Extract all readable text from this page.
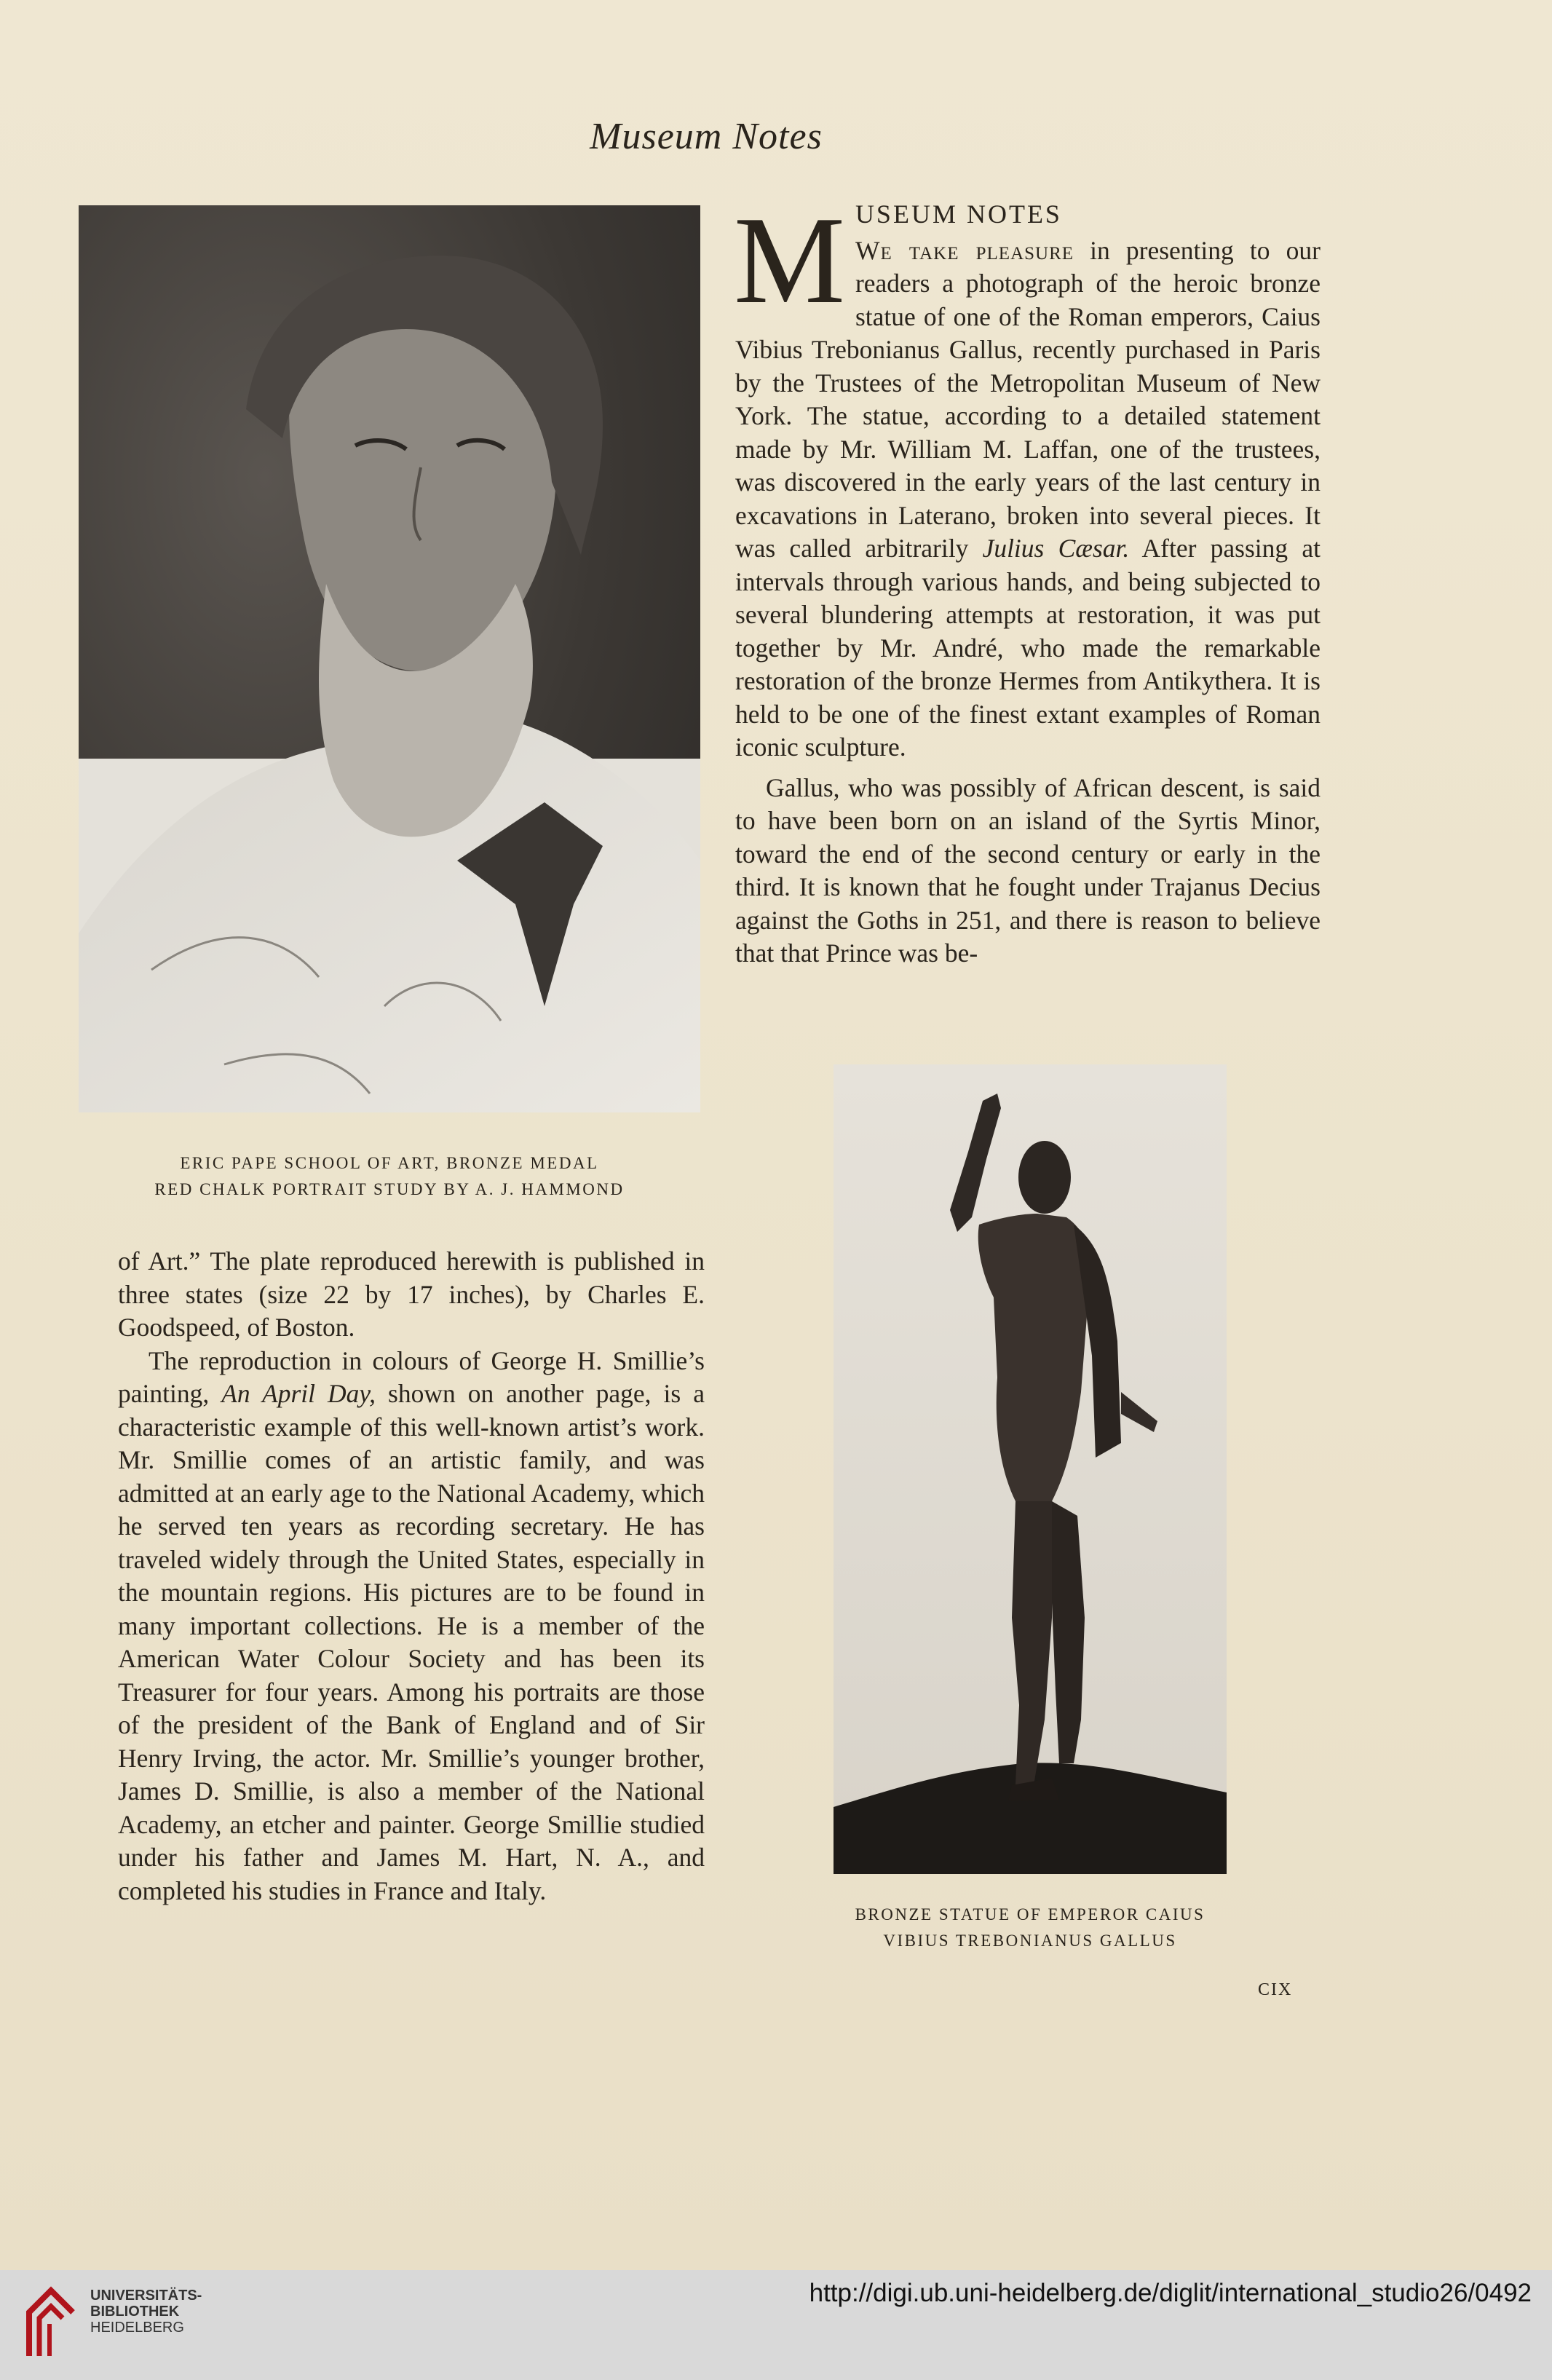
Museum Notes
ERIC PAPE SCHOOL OF ART, BRONZE MEDAL
RED CHALK PORTRAIT STUDY BY A. J. HAMMOND

M USEUM NOTES
We take pleasure in presenting to our readers a photograph of the heroic bronze statue of one of the Roman emperors, Caius Vibius Trebonianus Gallus, recently purchased in Paris by the Trustees of the Metropolitan Museum of New York. The statue, according to a detailed statement made by Mr. William M. Laffan, one of the trustees, was discovered in the early years of the last century in excavations in Laterano, broken into several pieces. It was called arbitrarily Julius Cæsar. After passing at intervals through various hands, and being subjected to several blundering attempts at restoration, it was put together by Mr. André, who made the remarkable restoration of the bronze Hermes from Antikythera. It is held to be one of the finest extant examples of Roman iconic sculpture.

Gallus, who was possibly of African descent, is said to have been born on an island of the Syrtis Minor, toward the end of the second century or early in the third. It is known that he fought under Trajanus Decius against the Goths in 251, and there is reason to believe that that Prince was be-

BRONZE STATUE OF EMPEROR CAIUS
VIBIUS TREBONIANUS GALLUS

of Art.” The plate reproduced herewith is published in three states (size 22 by 17 inches), by Charles E. Goodspeed, of Boston.

The reproduction in colours of George H. Smillie’s painting, An April Day, shown on another page, is a characteristic example of this well-known artist’s work. Mr. Smillie comes of an artistic family, and was admitted at an early age to the National Academy, which he served ten years as recording secretary. He has traveled widely through the United States, especially in the mountain regions. His pictures are to be found in many important collections. He is a member of the American Water Colour Society and has been its Treasurer for four years. Among his portraits are those of the president of the Bank of England and of Sir Henry Irving, the actor. Mr. Smillie’s younger brother, James D. Smillie, is also a member of the National Academy, an etcher and painter. George Smillie studied under his father and James M. Hart, N. A., and completed his studies in France and Italy.

CIX
UNIVERSITÄTS-
BIBLIOTHEK
HEIDELBERG
http://digi.ub.uni-heidelberg.de/diglit/international_studio26/0492
